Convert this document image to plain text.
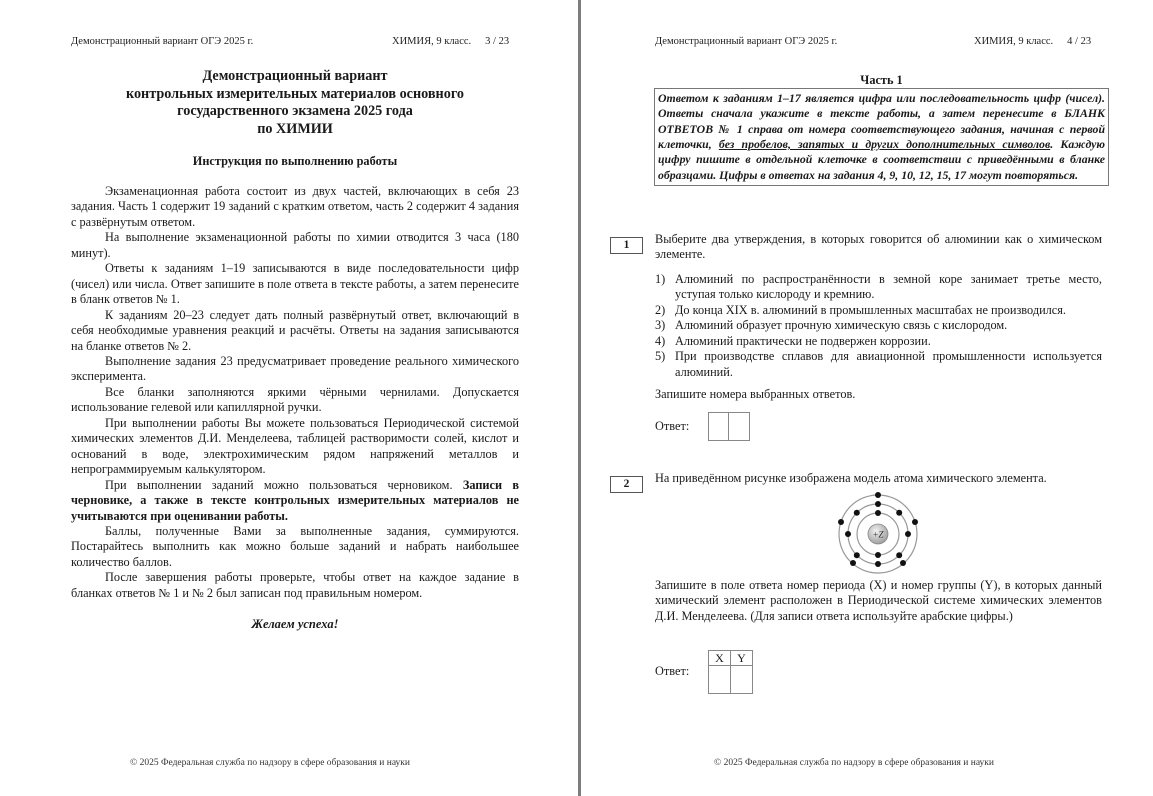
Демонстрационный вариант ОГЭ 2025 г.	ХИМИЯ, 9 класс. 3 / 23
Демонстрационный вариант
контрольных измерительных материалов основного
государственного экзамена 2025 года
по ХИМИИ
Инструкция по выполнению работы

Экзаменационная работа состоит из двух частей, включающих в себя 23 задания. Часть 1 содержит 19 заданий с кратким ответом, часть 2 содержит 4 задания с развёрнутым ответом.

На выполнение экзаменационной работы по химии отводится 3 часа (180 минут).

Ответы к заданиям 1–19 записываются в виде последовательности цифр (чисел) или числа. Ответ запишите в поле ответа в тексте работы, а затем перенесите в бланк ответов № 1.

К заданиям 20–23 следует дать полный развёрнутый ответ, включающий в себя необходимые уравнения реакций и расчёты. Ответы на задания записываются на бланке ответов № 2.

Выполнение задания 23 предусматривает проведение реального химического эксперимента.

Все бланки заполняются яркими чёрными чернилами. Допускается использование гелевой или капиллярной ручки.

При выполнении работы Вы можете пользоваться Периодической системой химических элементов Д.И. Менделеева, таблицей растворимости солей, кислот и оснований в воде, электрохимическим рядом напряжений металлов и непрограммируемым калькулятором.

При выполнении заданий можно пользоваться черновиком. Записи в черновике, а также в тексте контрольных измерительных материалов не учитываются при оценивании работы.

Баллы, полученные Вами за выполненные задания, суммируются. Постарайтесь выполнить как можно больше заданий и набрать наибольшее количество баллов.

После завершения работы проверьте, чтобы ответ на каждое задание в бланках ответов № 1 и № 2 был записан под правильным номером.

Желаем успеха!
© 2025 Федеральная служба по надзору в сфере образования и науки
Демонстрационный вариант ОГЭ 2025 г.	ХИМИЯ, 9 класс. 4 / 23
Часть 1
Ответом к заданиям 1–17 является цифра или последовательность цифр (чисел). Ответы сначала укажите в тексте работы, а затем перенесите в БЛАНК ОТВЕТОВ № 1 справа от номера соответствующего задания, начиная с первой клеточки, без пробелов, запятых и других дополнительных символов. Каждую цифру пишите в отдельной клеточке в соответствии с приведёнными в бланке образцами. Цифры в ответах на задания 4, 9, 10, 12, 15, 17 могут повторяться.
1	Выберите два утверждения, в которых говорится об алюминии как о химическом элементе.
1) Алюминий по распространённости в земной коре занимает третье место, уступая только кислороду и кремнию.
2) До конца XIX в. алюминий в промышленных масштабах не производился.
3) Алюминий образует прочную химическую связь с кислородом.
4) Алюминий практически не подвержен коррозии.
5) При производстве сплавов для авиационной промышленности используется алюминий.
Запишите номера выбранных ответов.
Ответ:
2	На приведённом рисунке изображена модель атома химического элемента.
+Z
Запишите в поле ответа номер периода (X) и номер группы (Y), в которых данный химический элемент расположен в Периодической системе химических элементов Д.И. Менделеева. (Для записи ответа используйте арабские цифры.)
Ответ:
X	Y

© 2025 Федеральная служба по надзору в сфере образования и науки
